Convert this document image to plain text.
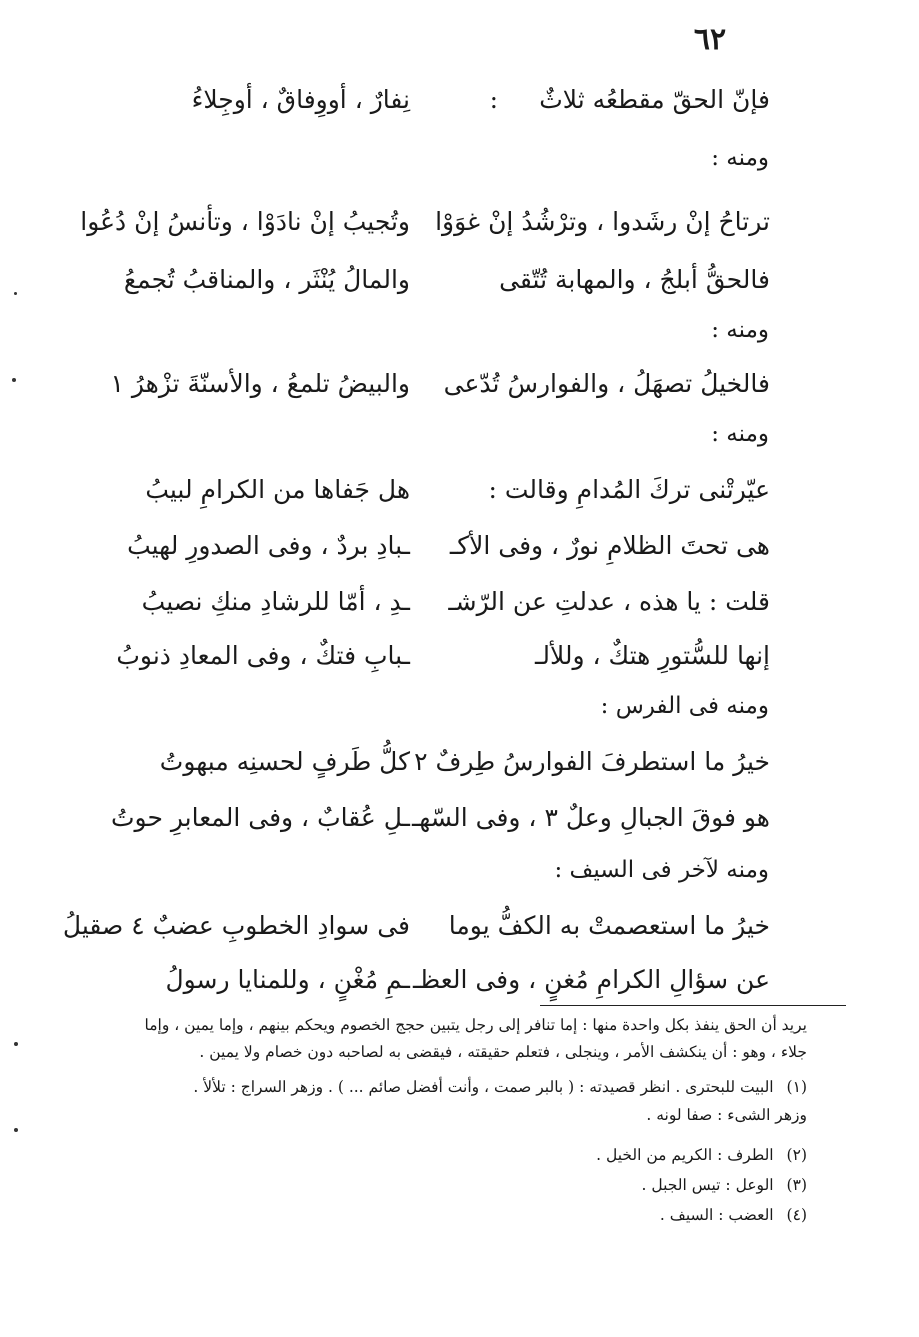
٦٢
فإنّ الحقّ مقطعُه ثلاثٌ
:
نِفارٌ ، أووِفاقٌ ، أوجِلاءُ
ومنه :
ترتاحُ إنْ رشَدوا ، وترْشُدُ إنْ غوَوْا
وتُجيبُ إنْ نادَوْا ، وتأنسُ إنْ دُعُوا
فالحقُّ أبلجُ ، والمهابة تُتّقى
والمالُ يُنْثَر ، والمناقبُ تُجمعُ
ومنه :
فالخيلُ تصهَلُ ، والفوارسُ تُدّعى
والبيضُ تلمعُ ، والأسنّةَ تزْهرُ ١
ومنه :
عيّرتْنى تركَ المُدامِ وقالت :
هل جَفاها من الكرامِ لبيبُ
هى تحتَ الظلامِ نورٌ ، وفى الأكـ
ـبادِ بردٌ ، وفى الصدورِ لهيبُ
قلت : يا هذه ، عدلتِ عن الرّشـ
ـدِ ، أمّا للرشادِ منكِ نصيبُ
إنها للسُّتورِ هتكٌ ، وللألـ
ـبابِ فتكٌ ، وفى المعادِ ذنوبُ
ومنه فى الفرس :
خيرُ ما استطرفَ الفوارسُ طِرفٌ ٢
كلُّ طَرفٍ لحسنِه مبهوتُ
هو فوقَ الجبالِ وعلٌ ٣ ، وفى السّهـ
ـلِ عُقابٌ ، وفى المعابرِ حوتُ
ومنه لآخر فى السيف :
خيرُ ما استعصمتْ به الكفُّ يوما
فى سوادِ الخطوبِ عضبٌ ٤ صقيلُ
عن سؤالِ الكرامِ مُغنٍ ، وفى العظـ
ـمِ مُغْنٍ ، وللمنايا رسولُ
يريد أن الحق ينفذ بكل واحدة منها : إما تنافر إلى رجل يتبين حجج الخصوم ويحكم بينهم ، وإما يمين ، وإما
جلاء ، وهو : أن ينكشف الأمر ، وينجلى ، فتعلم حقيقته ، فيقضى به لصاحبه دون خصام ولا يمين .
(١) البيت للبحترى . انظر قصيدته : ( بالبر صمت ، وأنت أفضل صائم ... ) . وزهر السراج : تلألأ .
وزهر الشىء : صفا لونه .
(٢) الطرف : الكريم من الخيل .
(٣) الوعل : تيس الجبل .
(٤) العضب : السيف .
